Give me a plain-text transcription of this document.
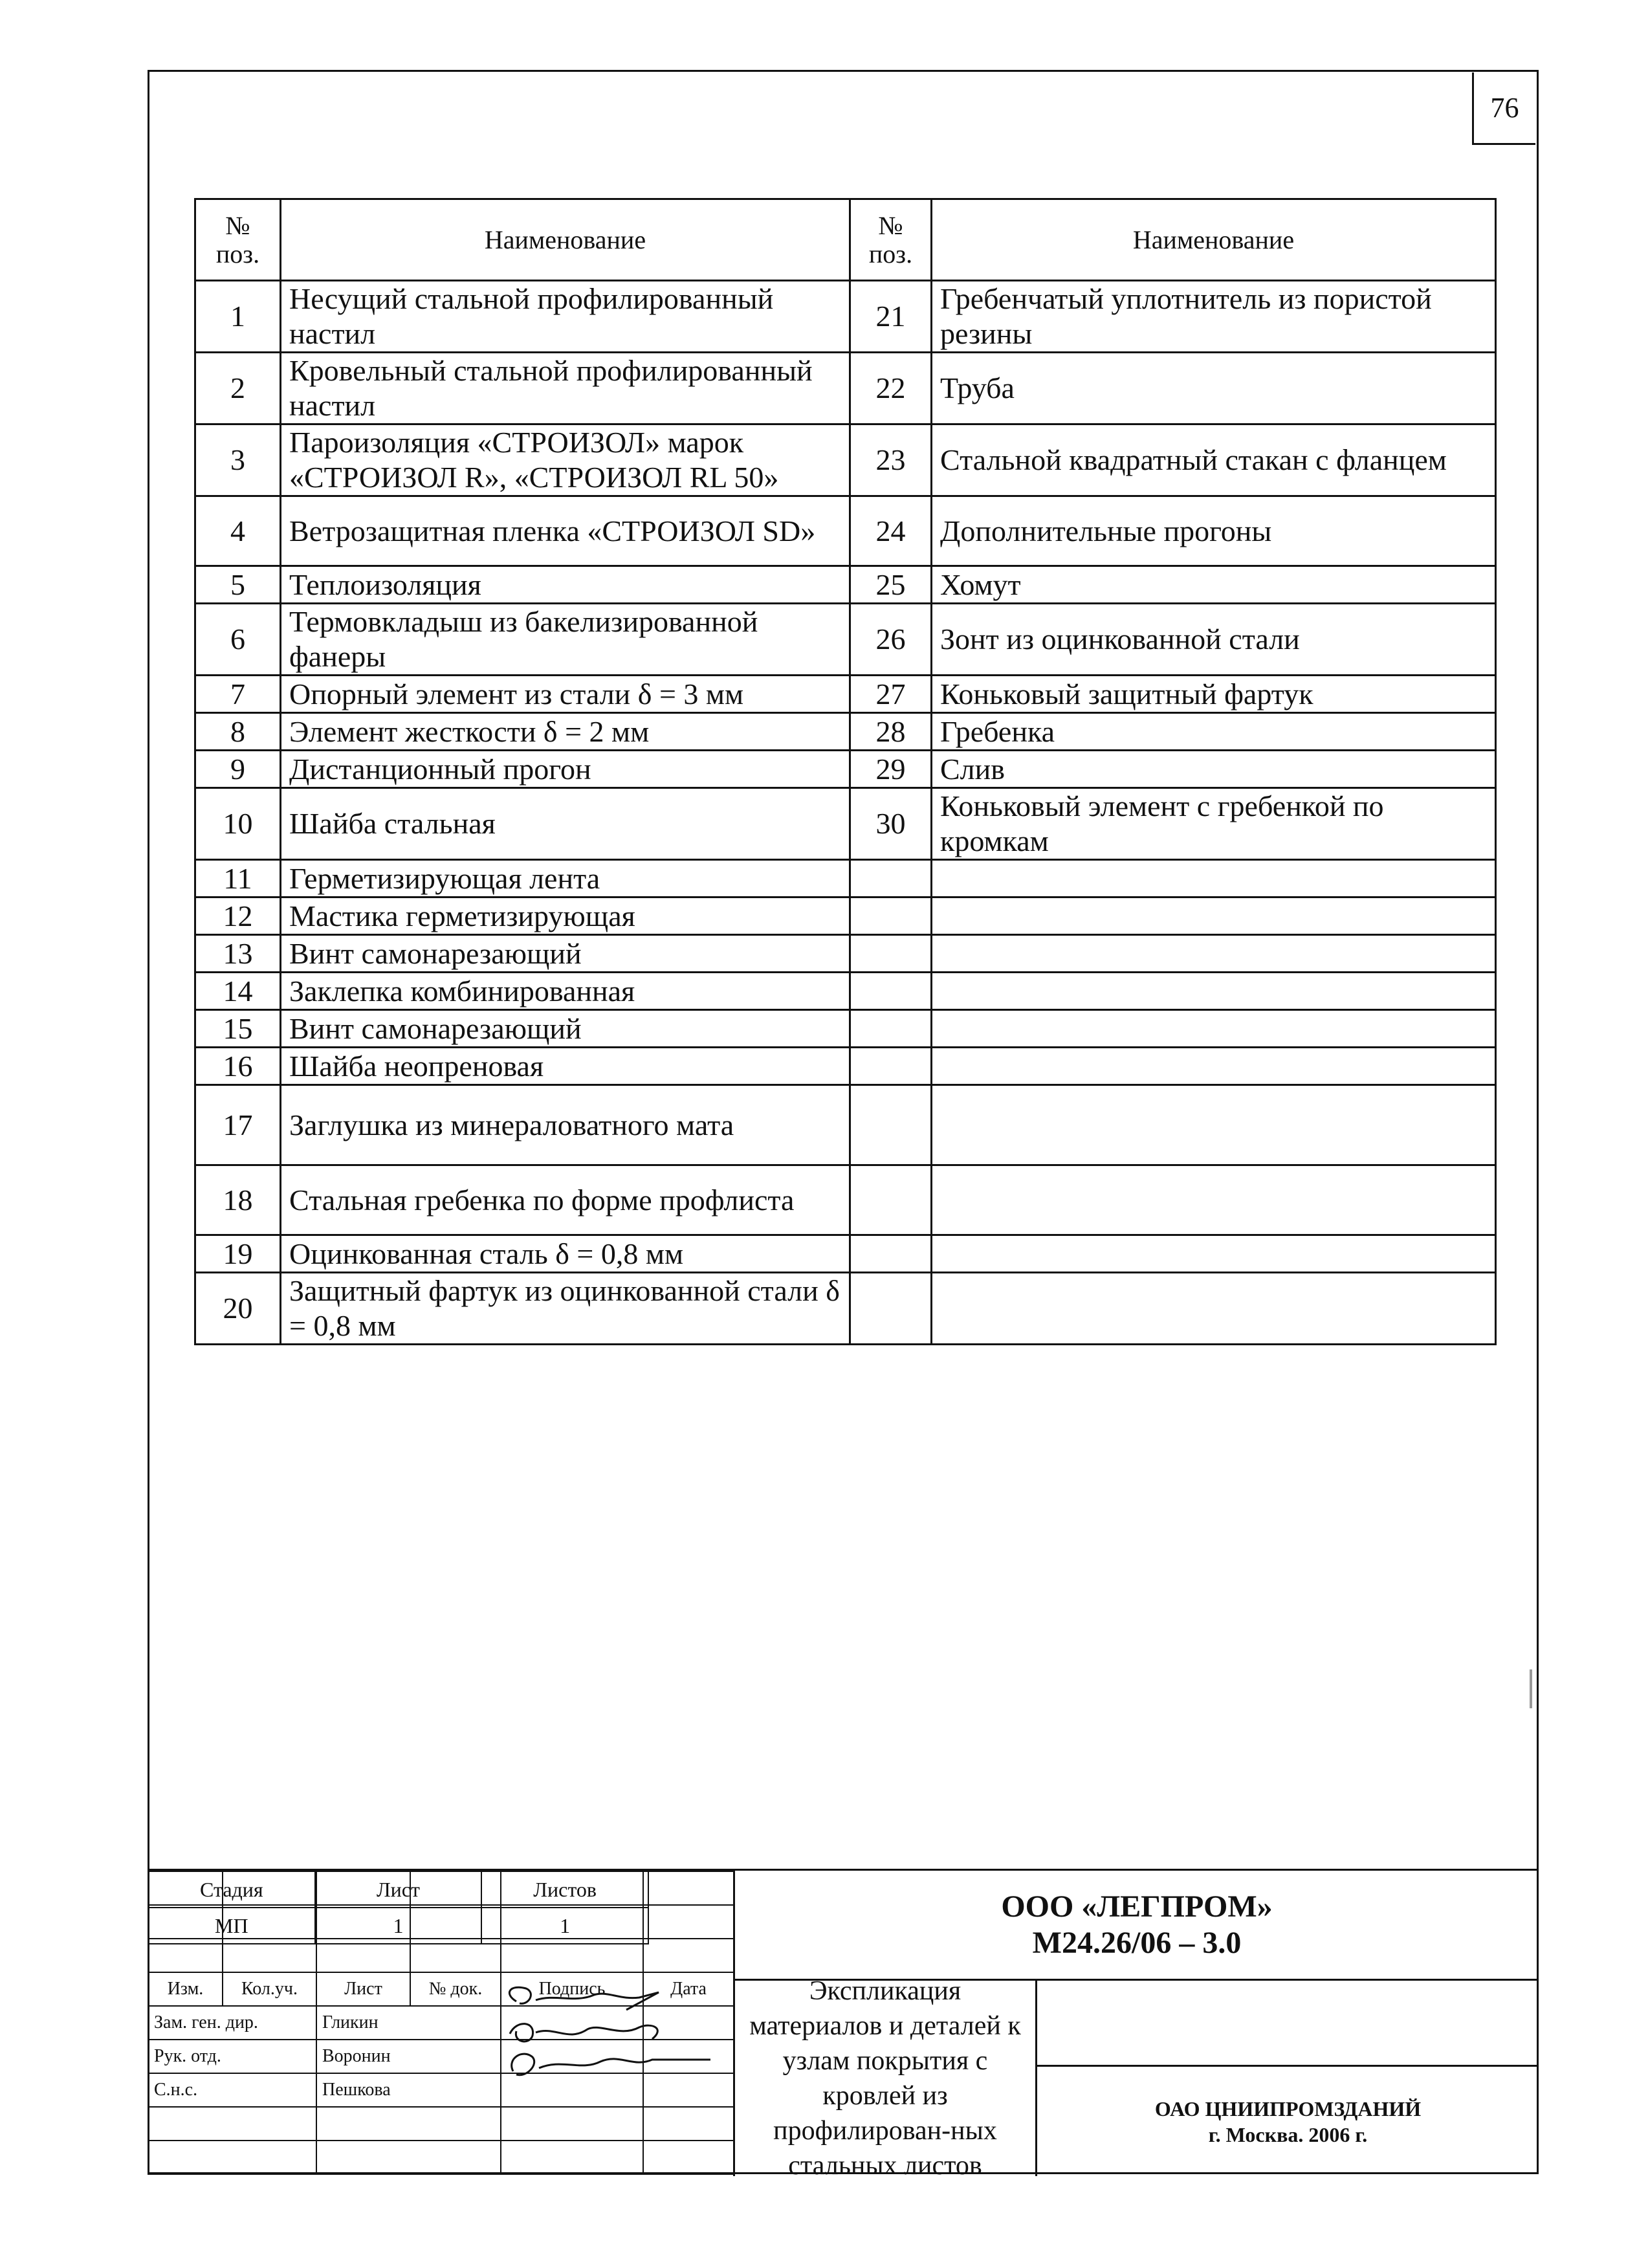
76
№ поз.	Наименование	№ поз.	Наименование
1	Несущий стальной профилированный настил	21	Гребенчатый уплотнитель из пористой резины
2	Кровельный стальной профилированный настил	22	Труба
3	Пароизоляция «СТРОИЗОЛ» марок «СТРОИЗОЛ R», «СТРОИЗОЛ RL 50»	23	Стальной квадратный стакан с фланцем
4	Ветрозащитная пленка «СТРОИЗОЛ SD»	24	Дополнительные прогоны
5	Теплоизоляция	25	Хомут
6	Термовкладыш из бакелизированной фанеры	26	Зонт из оцинкованной стали
7	Опорный элемент из стали δ = 3 мм	27	Коньковый защитный фартук
8	Элемент жесткости δ = 2 мм	28	Гребенка
9	Дистанционный прогон	29	Слив
10	Шайба стальная	30	Коньковый элемент с гребенкой по кромкам
11	Герметизирующая лента		
12	Мастика герметизирующая		
13	Винт самонарезающий		
14	Заклепка комбинированная		
15	Винт самонарезающий		
16	Шайба неопреновая		
17	Заглушка из минераловатного мата		
18	Стальная гребенка по форме профлиста		
19	Оцинкованная сталь δ = 0,8 мм		
20	Защитный фартук из оцинкованной стали δ = 0,8 мм		

Изм.	Кол.уч.	Лист	№ док.	Подпись	Дата
Зам. ген. дир.		Гликин			
Рук. отд.		Воронин			
С.н.с.		Пешкова			

ООО «ЛЕГПРОМ»
М24.26/06 – 3.0
Экспликация материалов и деталей к узлам покрытия с кровлей из профилирован-ных стальных листов
Стадия	Лист	Листов
МП	1	1
ОАО ЦНИИПРОМЗДАНИЙ
г. Москва. 2006 г.
